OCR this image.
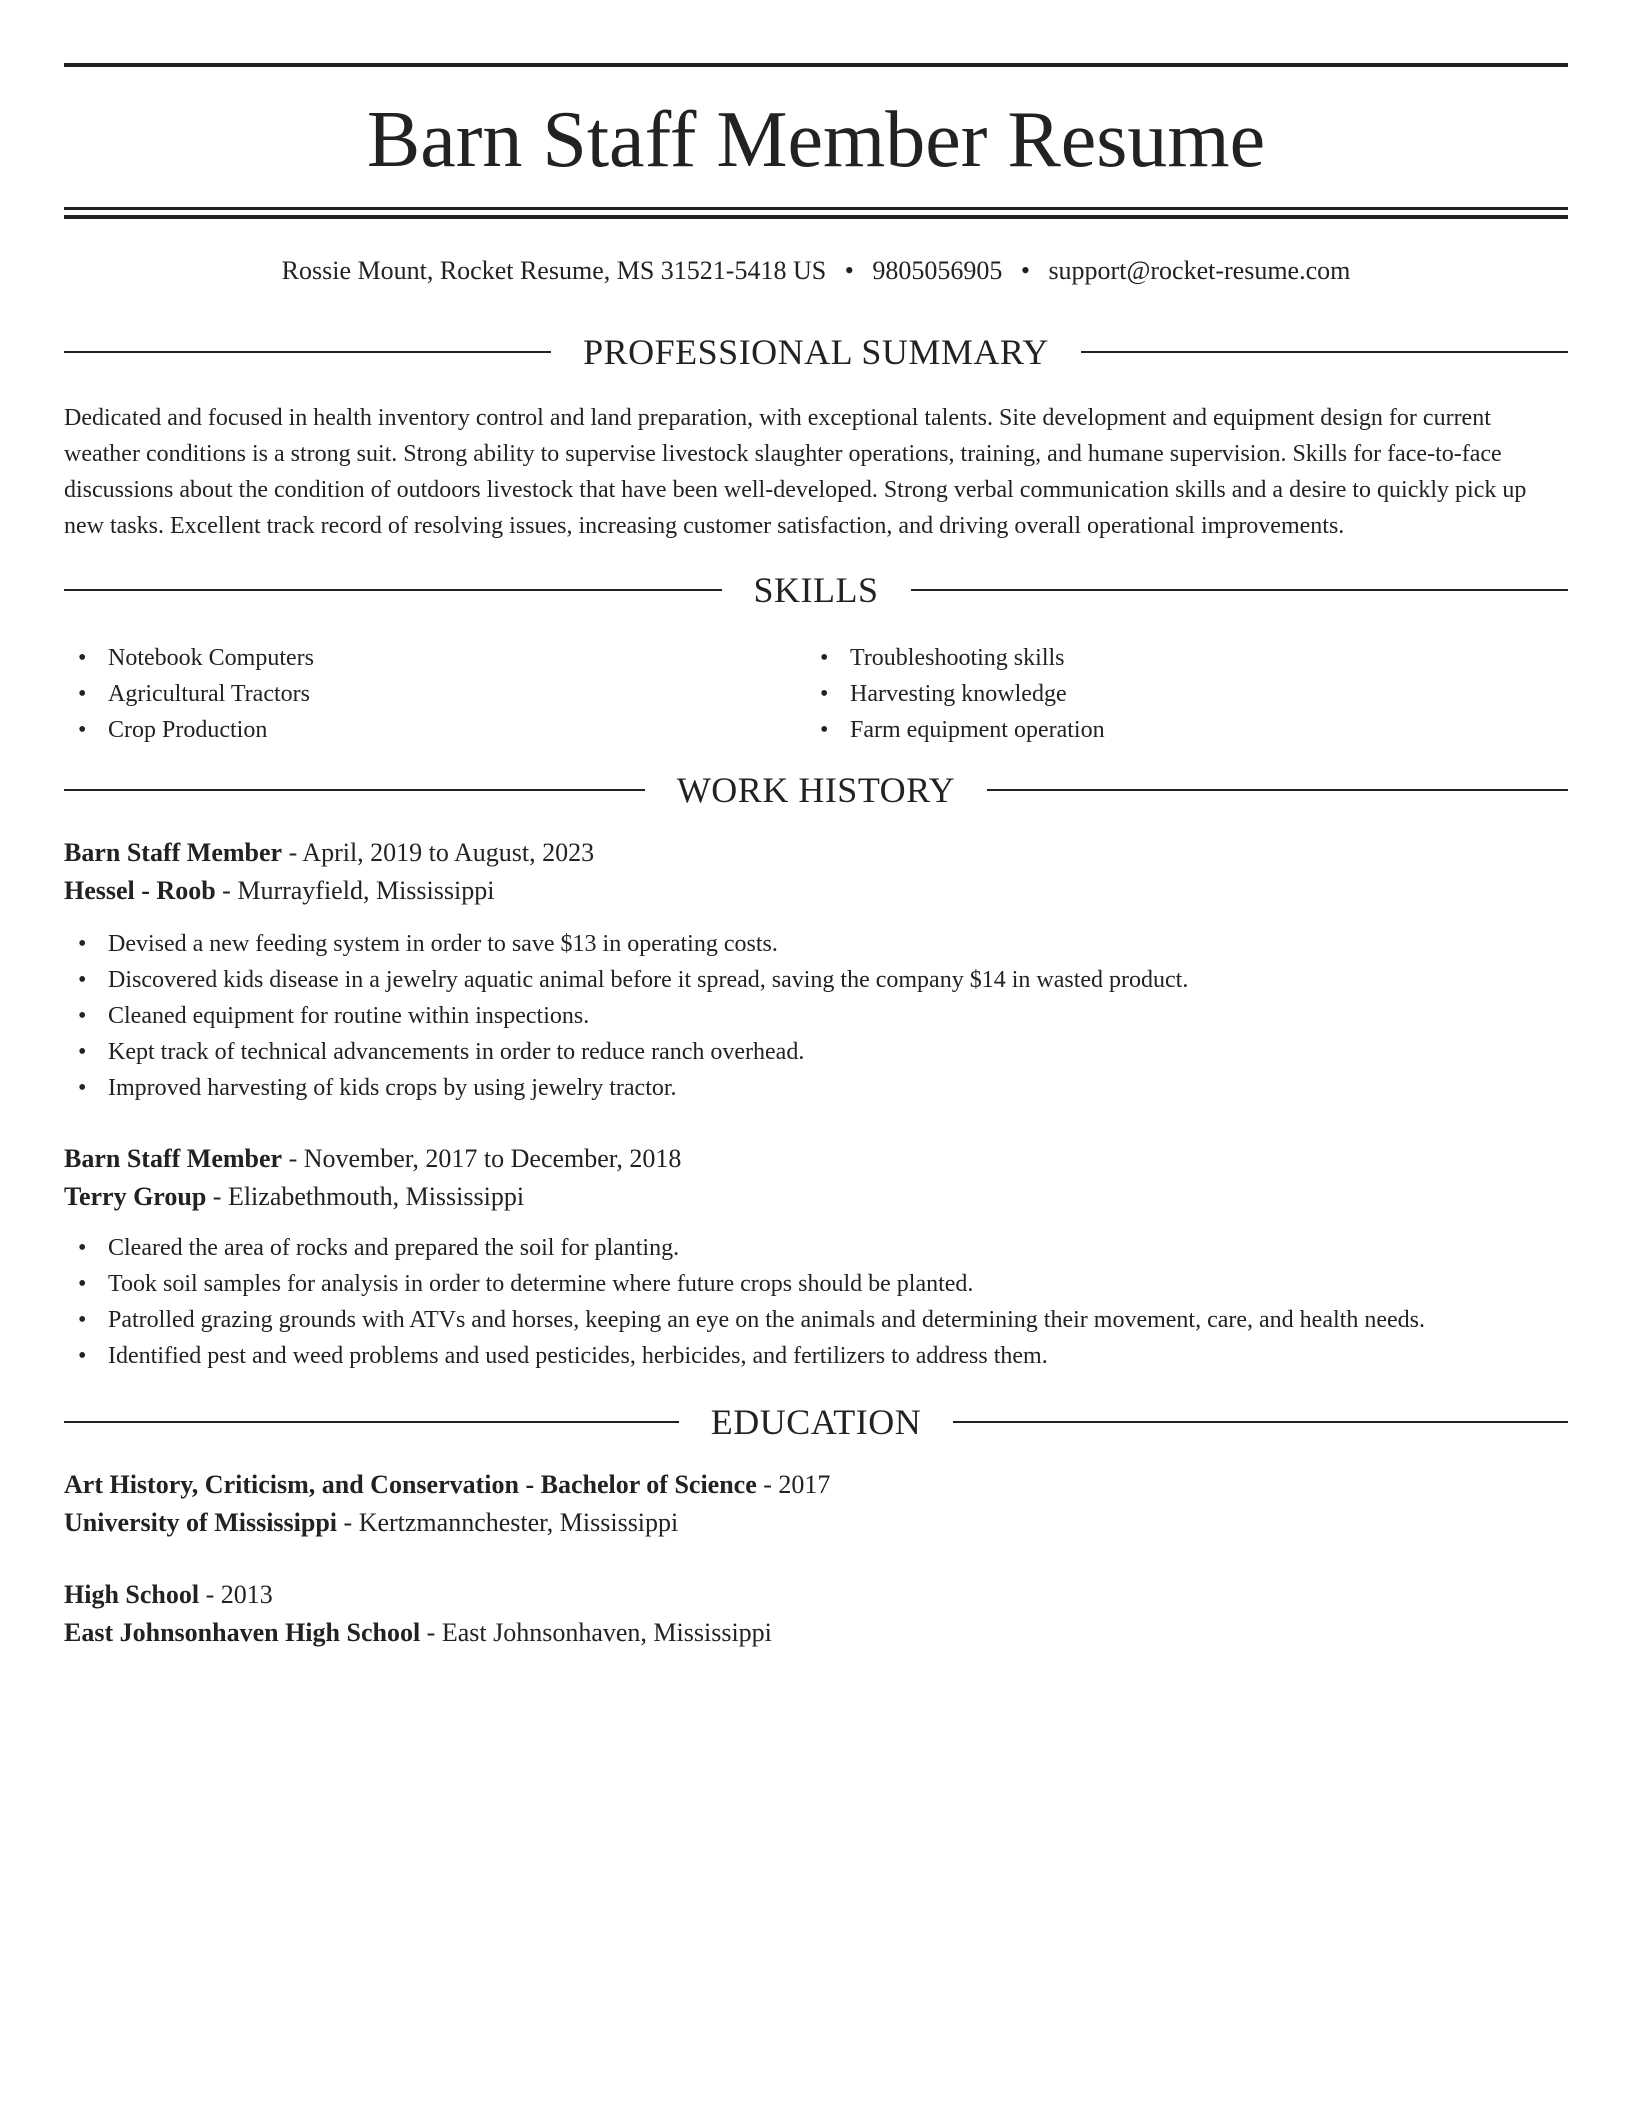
Barn Staff Member Resume
Rossie Mount, Rocket Resume, MS 31521-5418 US • 9805056905 • support@rocket-resume.com
PROFESSIONAL SUMMARY

Dedicated and focused in health inventory control and land preparation, with exceptional talents. Site development and equipment design for current weather conditions is a strong suit. Strong ability to supervise livestock slaughter operations, training, and humane supervision. Skills for face-to-face discussions about the condition of outdoors livestock that have been well-developed. Strong verbal communication skills and a desire to quickly pick up new tasks. Excellent track record of resolving issues, increasing customer satisfaction, and driving overall operational improvements.

SKILLS
• Notebook Computers
• Agricultural Tractors
• Crop Production
• Troubleshooting skills
• Harvesting knowledge
• Farm equipment operation
WORK HISTORY
Barn Staff Member - April, 2019 to August, 2023
Hessel - Roob - Murrayfield, Mississippi
• Devised a new feeding system in order to save $13 in operating costs.
• Discovered kids disease in a jewelry aquatic animal before it spread, saving the company $14 in wasted product.
• Cleaned equipment for routine within inspections.
• Kept track of technical advancements in order to reduce ranch overhead.
• Improved harvesting of kids crops by using jewelry tractor.
Barn Staff Member - November, 2017 to December, 2018
Terry Group - Elizabethmouth, Mississippi
• Cleared the area of rocks and prepared the soil for planting.
• Took soil samples for analysis in order to determine where future crops should be planted.
• Patrolled grazing grounds with ATVs and horses, keeping an eye on the animals and determining their movement, care, and health needs.
• Identified pest and weed problems and used pesticides, herbicides, and fertilizers to address them.
EDUCATION
Art History, Criticism, and Conservation - Bachelor of Science - 2017
University of Mississippi - Kertzmannchester, Mississippi
High School - 2013
East Johnsonhaven High School - East Johnsonhaven, Mississippi
